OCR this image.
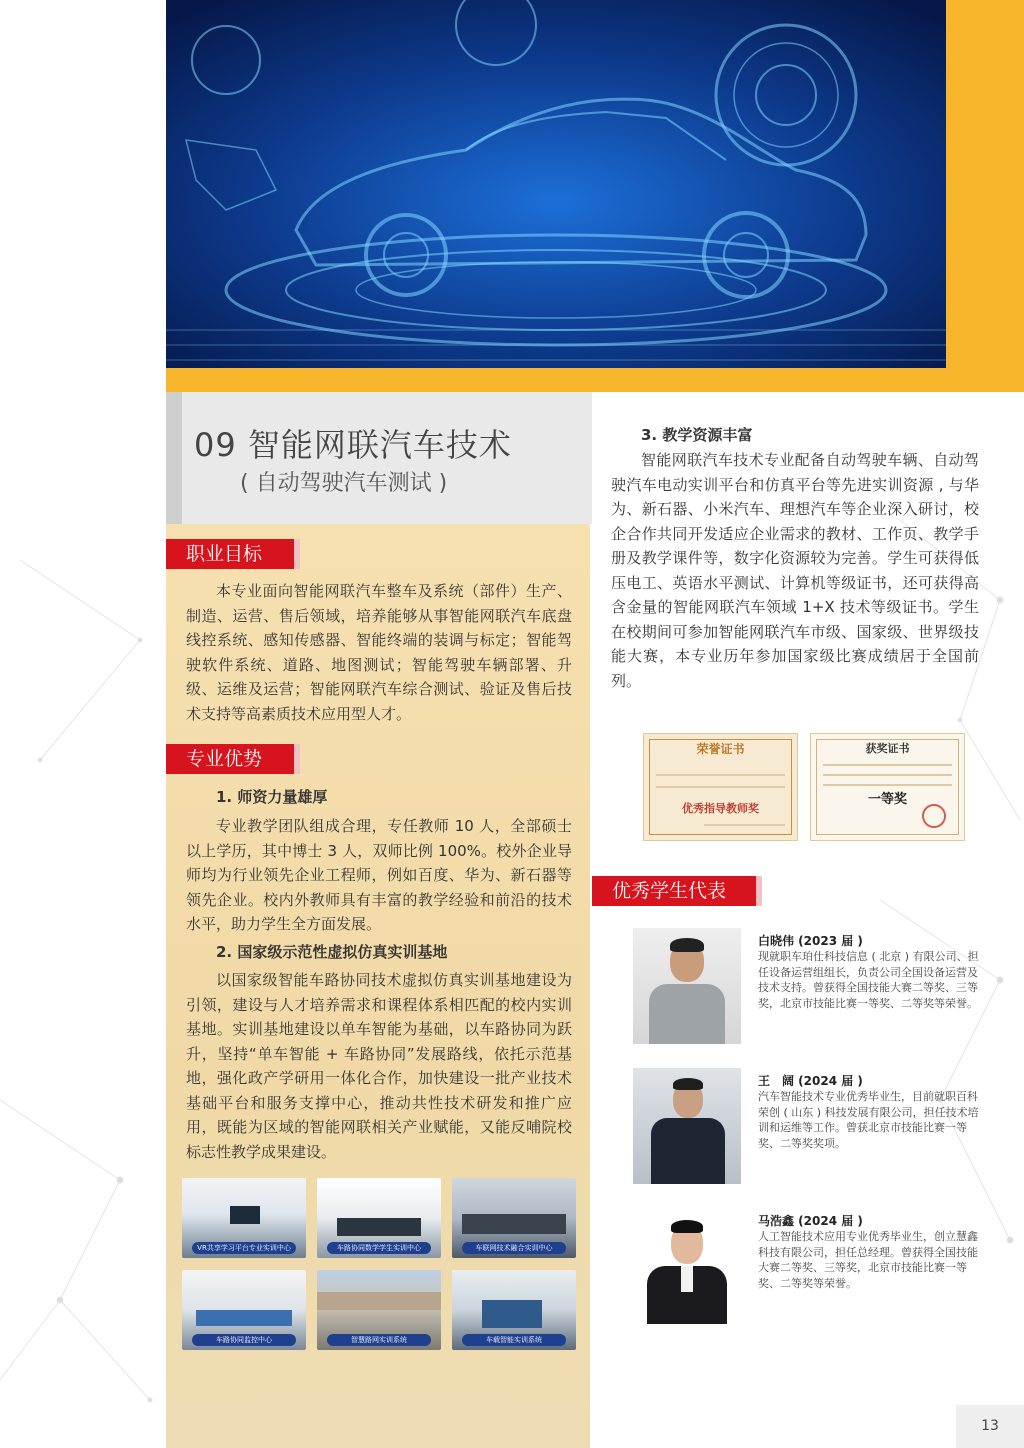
09 智能网联汽车技术
( 自动驾驶汽车测试 )
职业目标
本专业面向智能网联汽车整车及系统（部件）生产、制造、运营、售后领域，培养能够从事智能网联汽车底盘线控系统、感知传感器、智能终端的装调与标定；智能驾驶软件系统、道路、地图测试；智能驾驶车辆部署、升级、运维及运营；智能网联汽车综合测试、验证及售后技术支持等高素质技术应用型人才。
专业优势
1. 师资力量雄厚
专业教学团队组成合理，专任教师 10 人，全部硕士以上学历，其中博士 3 人，双师比例 100%。校外企业导师均为行业领先企业工程师，例如百度、华为、新石器等领先企业。校内外教师具有丰富的教学经验和前沿的技术水平，助力学生全方面发展。
2. 国家级示范性虚拟仿真实训基地
以国家级智能车路协同技术虚拟仿真实训基地建设为引领，建设与人才培养需求和课程体系相匹配的校内实训基地。实训基地建设以单车智能为基础，以车路协同为跃升，坚持“单车智能 + 车路协同”发展路线，依托示范基地，强化政产学研用一体化合作，加快建设一批产业技术基础平台和服务支撑中心，推动共性技术研发和推广应用，既能为区域的智能网联相关产业赋能，又能反哺院校标志性教学成果建设。
VR共享学习平台专业实训中心	车路协同数学学生实训中心	车联网技术融合实训中心
车路协同监控中心	智慧路网实训系统	车载智能实训系统
3. 教学资源丰富
智能网联汽车技术专业配备自动驾驶车辆、自动驾驶汽车电动实训平台和仿真平台等先进实训资源 , 与华为、新石器、小米汽车、理想汽车等企业深入研讨，校企合作共同开发适应企业需求的教材、工作页、教学手册及教学课件等，数字化资源较为完善。学生可获得低压电工、英语水平测试、计算机等级证书，还可获得高含金量的智能网联汽车领域 1+X 技术等级证书。学生在校期间可参加智能网联汽车市级、国家级、世界级技能大赛，本专业历年参加国家级比赛成绩居于全国前列。
荣誉证书
优秀指导教师奖
获奖证书
一等奖
优秀学生代表
白晓伟 (2023 届 )
现就职车珀仕科技信息 ( 北京 ) 有限公司、担任设备运营组组长，负责公司全国设备运营及技术支持。曾获得全国技能大赛二等奖、三等奖，北京市技能比赛一等奖、二等奖等荣誉。
王　阔 (2024 届 )
汽车智能技术专业优秀毕业生，目前就职百科荣创 ( 山东 ) 科技发展有限公司，担任技术培训和运维等工作。曾获北京市技能比赛一等奖、二等奖奖项。
马浩鑫 (2024 届 )
人工智能技术应用专业优秀毕业生，创立慧鑫科技有限公司，担任总经理。曾获得全国技能大赛二等奖、三等奖，北京市技能比赛一等奖、二等奖等荣誉。
13
